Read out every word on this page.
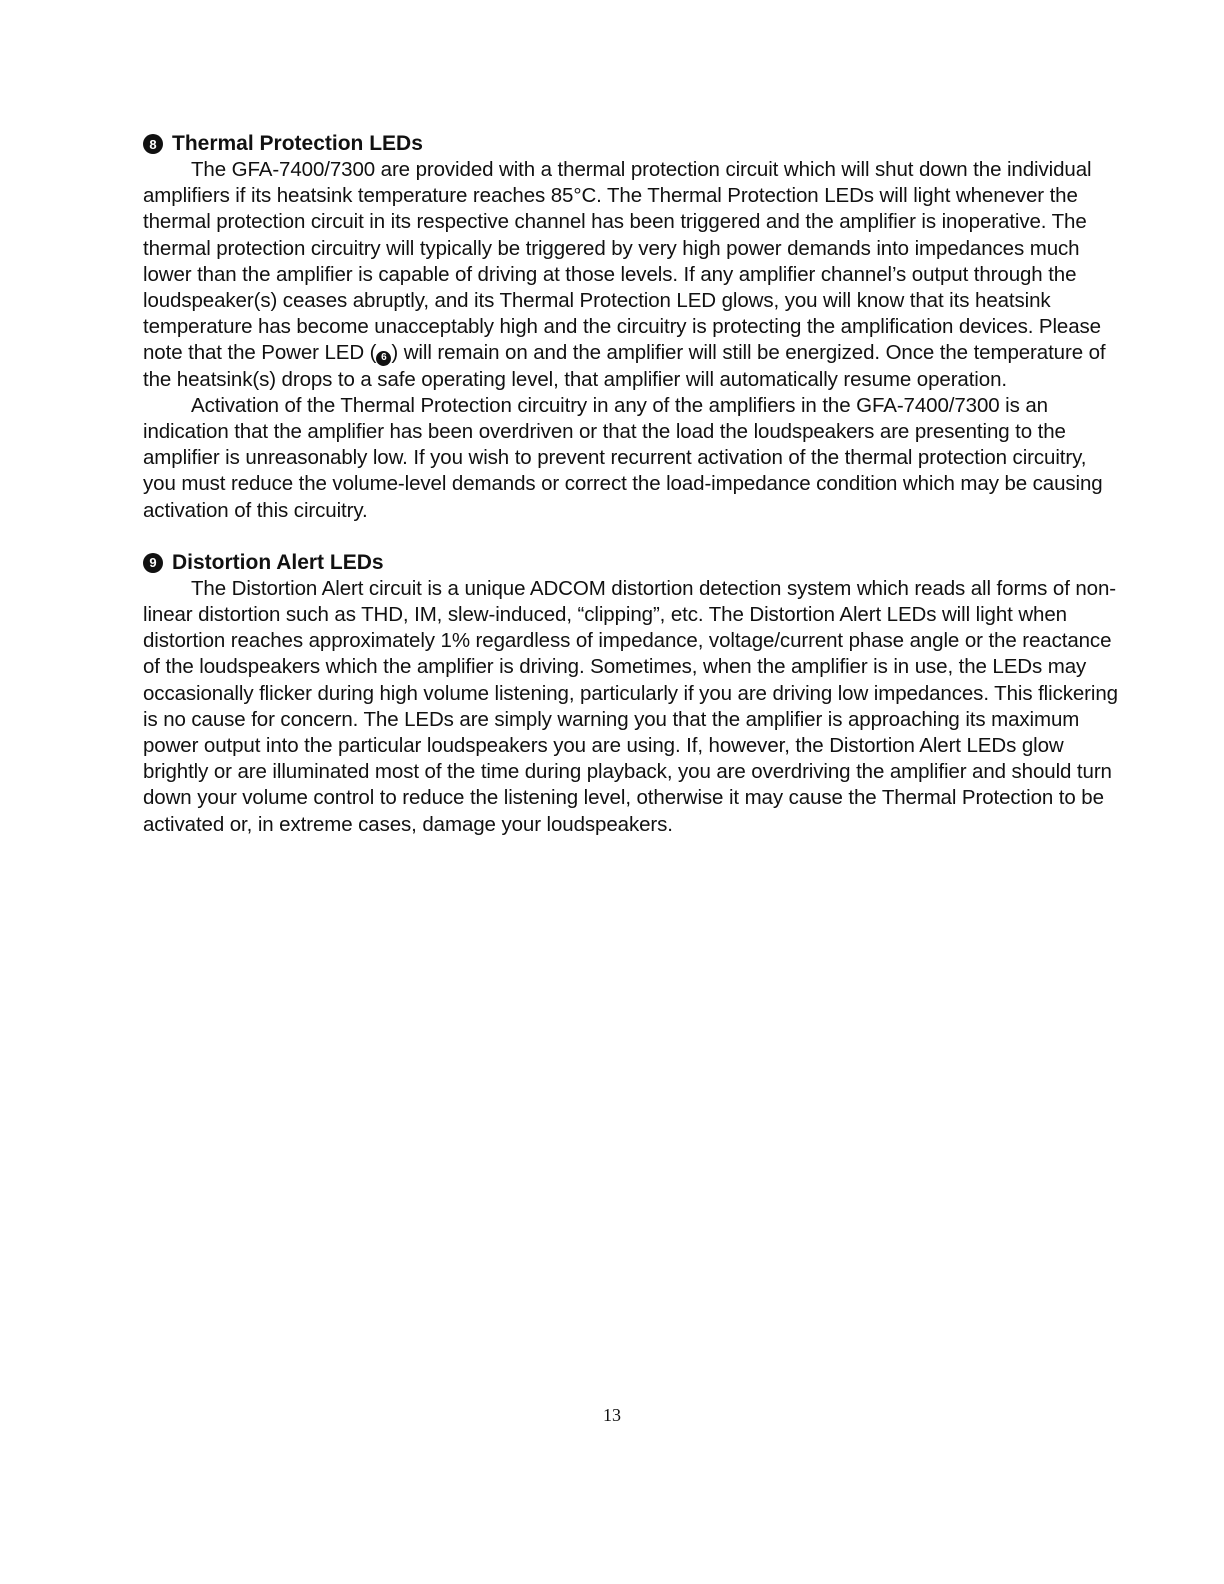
8 Thermal Protection LEDs

The GFA-7400/7300 are provided with a thermal protection circuit which will shut down the individual amplifiers if its heatsink temperature reaches 85°C. The Thermal Protection LEDs will light whenever the thermal protection circuit in its respective channel has been triggered and the amplifier is inoperative. The thermal protection circuitry will typically be triggered by very high power demands into impedances much lower than the amplifier is capable of driving at those levels. If any amplifier channel’s output through the loudspeaker(s) ceases abruptly, and its Thermal Protection LED glows, you will know that its heatsink temperature has become unacceptably high and the circuitry is protecting the amplification devices. Please note that the Power LED ( 6 ) will remain on and the amplifier will still be energized. Once the temperature of the heatsink(s) drops to a safe operating level, that amplifier will automatically resume operation.

Activation of the Thermal Protection circuitry in any of the amplifiers in the GFA-7400/7300 is an indication that the amplifier has been overdriven or that the load the loudspeakers are presenting to the amplifier is unreasonably low. If you wish to prevent recurrent activation of the thermal protection circuitry, you must reduce the volume-level demands or correct the load-impedance condition which may be causing activation of this circuitry.

9 Distortion Alert LEDs

The Distortion Alert circuit is a unique ADCOM distortion detection system which reads all forms of non-linear distortion such as THD, IM, slew-induced, “clipping”, etc. The Distortion Alert LEDs will light when distortion reaches approximately 1% regardless of impedance, voltage/current phase angle or the reactance of the loudspeakers which the amplifier is driving. Sometimes, when the amplifier is in use, the LEDs may occasionally flicker during high volume listening, particularly if you are driving low impedances. This flickering is no cause for concern. The LEDs are simply warning you that the amplifier is approaching its maximum power output into the particular loudspeakers you are using. If, however, the Distortion Alert LEDs glow brightly or are illuminated most of the time during playback, you are overdriving the amplifier and should turn down your volume control to reduce the listening level, otherwise it may cause the Thermal Protection to be activated or, in extreme cases, damage your loudspeakers.

13
